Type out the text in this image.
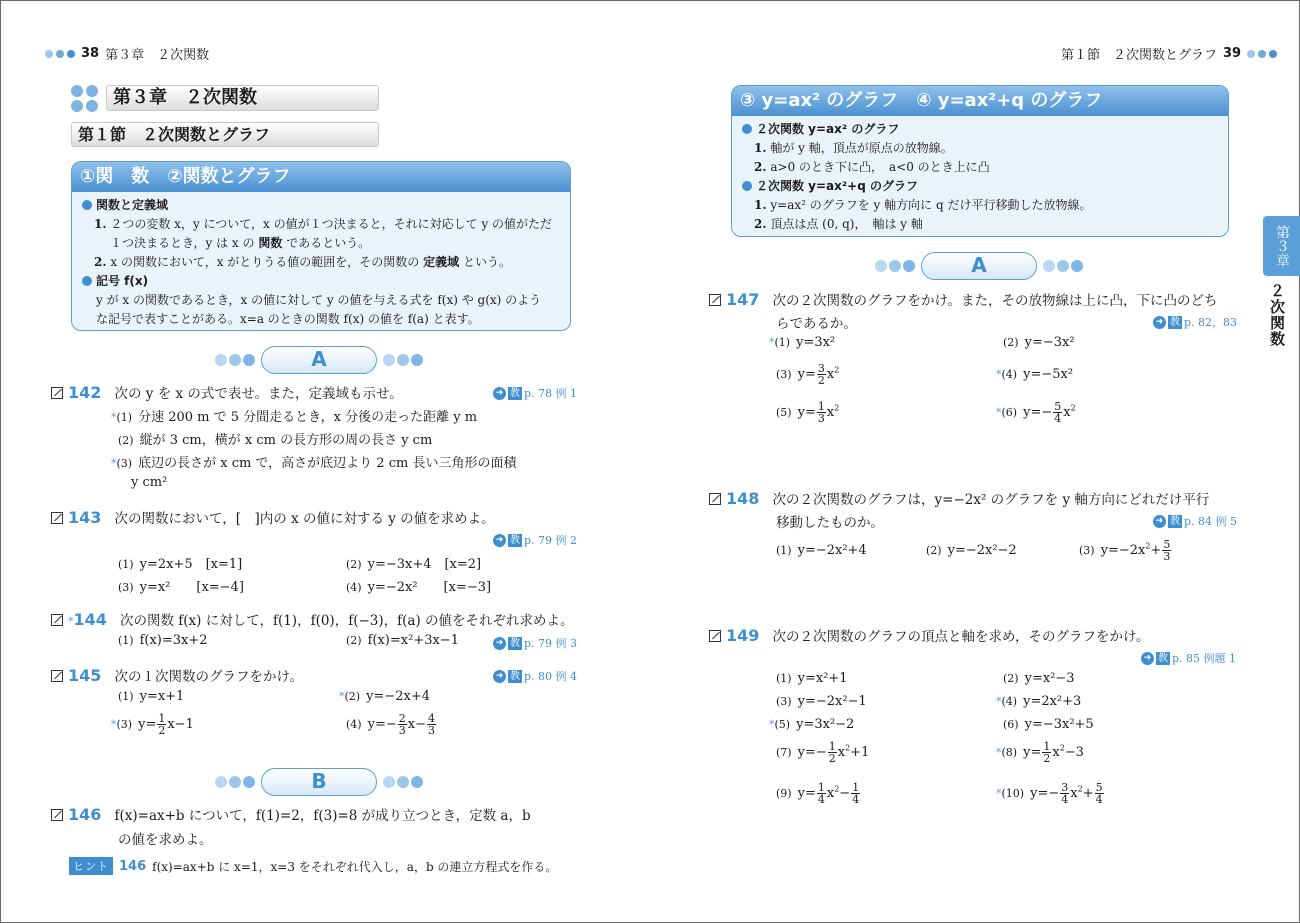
38 第３章　２次関数	第１節　２次関数とグラフ 39
第３章　２次関数
第１節　２次関数とグラフ
①関　数　②関数とグラフ
関数と定義域
1. ２つの変数 x，y について，x の値が１つ決まると，それに対応して y の値がただ
１つ決まるとき，y は x の 関数 であるという。
2. x の関数において，x がとりうる値の範囲を，その関数の 定義域 という。
記号 f(x)
y が x の関数であるとき，x の値に対して y の値を与える式を f(x) や g(x) のよう
な記号で表すことがある。x=a のときの関数 f(x) の値を f(a) と表す。
A
142 次の y を x の式で表せ。また，定義域も示せ。	➜ 教 p. 78 例 1
*(1) 分速 200 m で 5 分間走るとき，x 分後の走った距離 y m
(2) 縦が 3 cm，横が x cm の長方形の周の長さ y cm
*(3) 底辺の長さが x cm で，高さが底辺より 2 cm 長い三角形の面積
y cm²
143 次の関数において，[　]内の x の値に対する y の値を求めよ。
➜ 教 p. 79 例 2
(1) y=2x+5　[x=1]	(2) y=−3x+4　[x=2]
(3) y=x²　　[x=−4]	(4) y=−2x²　　[x=−3]
*144 次の関数 f(x) に対して，f(1)，f(0)，f(−3)，f(a) の値をそれぞれ求めよ。
(1) f(x)=3x+2	(2) f(x)=x²+3x−1	➜ 教 p. 79 例 3
145 次の１次関数のグラフをかけ。	➜ 教 p. 80 例 4
(1) y=x+1	*(2) y=−2x+4
*(3) $y= \frac{1}{2} x-1$	(4) $y=- \frac{2}{3} x- \frac{4}{3}$
B
146 f(x)=ax+b について，f(1)=2，f(3)=8 が成り立つとき，定数 a，b
の値を求めよ。
ヒント 146 f(x)=ax+b に x=1，x=3 をそれぞれ代入し，a，b の連立方程式を作る。
③ y=ax² のグラフ　④ y=ax²+q のグラフ
２次関数 y=ax² のグラフ
1. 軸が y 軸，頂点が原点の放物線。
2. a>0 のとき下に凸，　a<0 のとき上に凸
２次関数 y=ax²+q のグラフ
1. y=ax² のグラフを y 軸方向に q だけ平行移動した放物線。
2. 頂点は点 (0, q)，　軸は y 軸
A
147 次の２次関数のグラフをかけ。また，その放物線は上に凸，下に凸のどち
らであるか。	➜ 教 p. 82，83
*(1) y=3x²	(2) y=−3x²
(3) $y= \frac{3}{2} x^2$	*(4) y=−5x²
(5) $y= \frac{1}{3} x^2$	*(6) $y=- \frac{5}{4} x^2$
148 次の２次関数のグラフは，y=−2x² のグラフを y 軸方向にどれだけ平行
移動したものか。	➜ 教 p. 84 例 5
(1) y=−2x²+4	(2) y=−2x²−2	(3) $y=-2x^2+ \frac{5}{3}$
149 次の２次関数のグラフの頂点と軸を求め，そのグラフをかけ。
➜ 教 p. 85 例題 1
(1) y=x²+1	(2) y=x²−3
(3) y=−2x²−1	*(4) y=2x²+3
*(5) y=3x²−2	(6) y=−3x²+5
(7) $y=- \frac{1}{2} x^2+1$	*(8) $y= \frac{1}{2} x^2-3$
(9) $y= \frac{1}{4} x^2- \frac{1}{4}$	*(10) $y=- \frac{3}{4} x^2+ \frac{5}{4}$
第３章
２次関数
